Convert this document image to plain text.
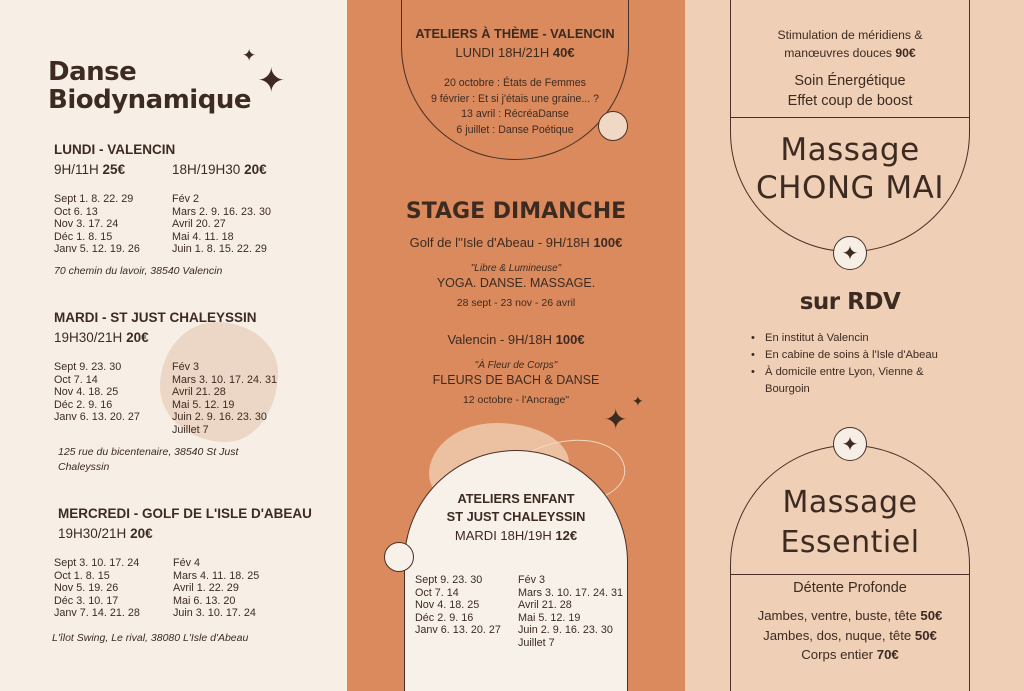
Danse
Biodynamique
✦
✦
LUNDI - VALENCIN
9H/11H 25€	18H/19H30 20€
Sept 1. 8. 22. 29
Oct 6. 13
Nov 3. 17. 24
Déc 1. 8. 15
Janv 5. 12. 19. 26
Fév 2
Mars 2. 9. 16. 23. 30
Avril 20. 27
Mai 4. 11. 18
Juin 1. 8. 15. 22. 29
70 chemin du lavoir, 38540 Valencin
MARDI - ST JUST CHALEYSSIN
19H30/21H 20€
Sept 9. 23. 30
Oct 7. 14
Nov 4. 18. 25
Déc 2. 9. 16
Janv 6. 13. 20. 27
Fév 3
Mars 3. 10. 17. 24. 31
Avril 21. 28
Mai 5. 12. 19
Juin 2. 9. 16. 23. 30
Juillet 7
125 rue du bicentenaire, 38540 St Just Chaleyssin
MERCREDI - GOLF DE L'ISLE D'ABEAU
19H30/21H 20€
Sept 3. 10. 17. 24
Oct 1. 8. 15
Nov 5. 19. 26
Déc 3. 10. 17
Janv 7. 14. 21. 28
Fév 4
Mars 4. 11. 18. 25
Avril 1. 22. 29
Mai 6. 13. 20
Juin 3. 10. 17. 24
L'îlot Swing, Le rival, 38080 L'Isle d'Abeau
ATELIERS À THÈME - VALENCIN
LUNDI 18H/21H 40€
20 octobre : États de Femmes
9 février : Et si j'étais une graine... ?
13 avril : RécréaDanse
6 juillet : Danse Poétique
STAGE DIMANCHE
Golf de l''Isle d'Abeau - 9H/18H 100€
"Libre & Lumineuse"
YOGA. DANSE. MASSAGE.
28 sept - 23 nov - 26 avril
Valencin - 9H/18H 100€
"À Fleur de Corps"
FLEURS DE BACH & DANSE
12 octobre - l'Ancrage"	✦
✦
ATELIERS ENFANT
ST JUST CHALEYSSIN
MARDI 18H/19H 12€
Sept 9. 23. 30
Oct 7. 14
Nov 4. 18. 25
Déc 2. 9. 16
Janv 6. 13. 20. 27
Fév 3
Mars 3. 10. 17. 24. 31
Avril 21. 28
Mai 5. 12. 19
Juin 2. 9. 16. 23. 30
Juillet 7
Stimulation de méridiens &
manœuvres douces 90€
Soin Énergétique
Effet coup de boost
Massage
CHONG MAI
✦
sur RDV
• En institut à Valencin
• En cabine de soins à l'Isle d'Abeau
• À domicile entre Lyon, Vienne & Bourgoin
✦
Massage
Essentiel
Détente Profonde
Jambes, ventre, buste, tête 50€
Jambes, dos, nuque, tête 50€
Corps entier 70€
